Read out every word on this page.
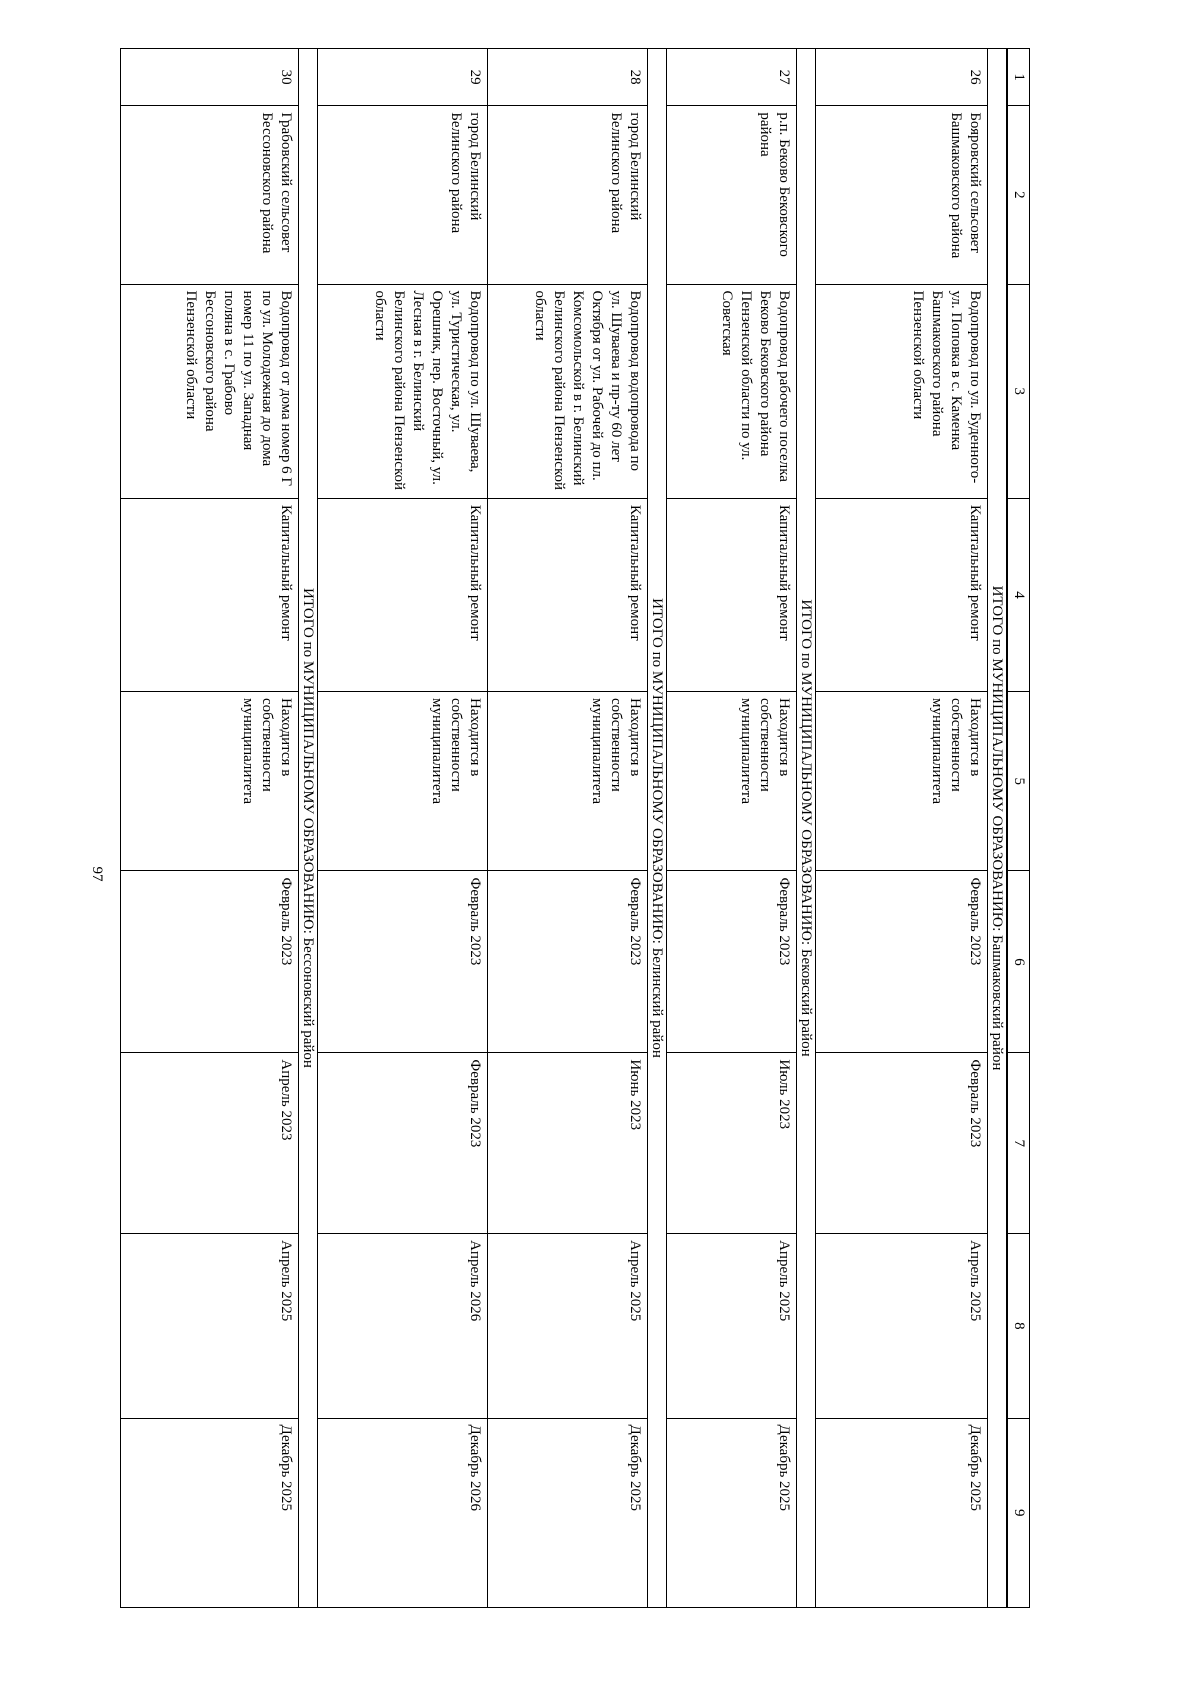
97
1	2	3	4	5	6	7	8	9

ИТОГО по МУНИЦИПАЛЬНОМУ ОБРАЗОВАНИЮ: Башмаковский район								
26	Бояровский сельсовет Башмаковского района	Водопровод по ул. Буденного-ул. Поповка в с. Каменка Башмаковского района Пензенской области	Капитальный ремонт	Находится в собственности муниципалитета	Февраль 2023	Февраль 2023	Апрель 2025	Декабрь 2025
ИТОГО по МУНИЦИПАЛЬНОМУ ОБРАЗОВАНИЮ: Бековский район								
27	р.п. Беково Бековского района	Водопровод рабочего поселка Беково Бековского района Пензенской области по ул. Советская	Капитальный ремонт	Находится в собственности муниципалитета	Февраль 2023	Июль 2023	Апрель 2025	Декабрь 2025
ИТОГО по МУНИЦИПАЛЬНОМУ ОБРАЗОВАНИЮ: Белинский район								
28	город Белинский Белинского района	Водопровод водопровода по ул. Шуваева и пр-ту 60 лет Октября от ул. Рабочей до пл. Комсомольской в г. Белинский Белинского района Пензенской области	Капитальный ремонт	Находится в собственности муниципалитета	Февраль 2023	Июнь 2023	Апрель 2025	Декабрь 2025
29	город Белинский Белинского района	Водопровод по ул. Шуваева, ул. Туристическая, ул. Орешник, пер. Восточный, ул. Лесная в г. Белинский Белинского района Пензенской области	Капитальный ремонт	Находится в собственности муниципалитета	Февраль 2023	Февраль 2023	Апрель 2026	Декабрь 2026
ИТОГО по МУНИЦИПАЛЬНОМУ ОБРАЗОВАНИЮ: Бессоновский район								
30	Грабовский сельсовет Бессоновского района	Водопровод от дома номер 6 Г по ул. Молодежная до дома номер 11 по ул. Западная поляна в с. Грабово Бессоновского района Пензенской области	Капитальный ремонт	Находится в собственности муниципалитета	Февраль 2023	Апрель 2023	Апрель 2025	Декабрь 2025
